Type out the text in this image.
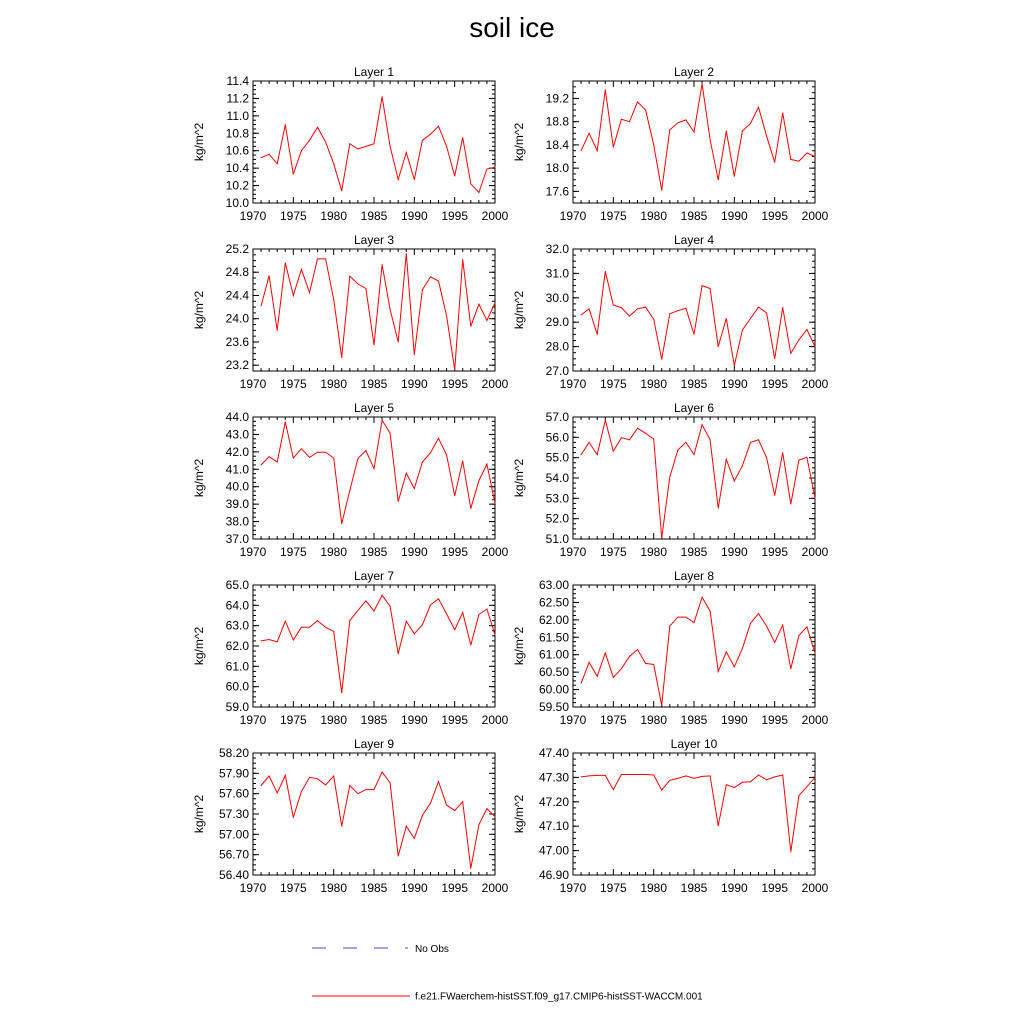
soil ice
Layer 1
kg/m^2
1970 1975 1980 1985 1990 1995 2000
10.0
10.2
10.4
10.6
10.8
11.0
11.2
11.4
Layer 2
kg/m^2
1970 1975 1980 1985 1990 1995 2000
17.6
18.0
18.4
18.8
19.2
Layer 3
kg/m^2
1970 1975 1980 1985 1990 1995 2000
23.2
23.6
24.0
24.4
24.8
25.2
Layer 4
kg/m^2
1970 1975 1980 1985 1990 1995 2000
27.0
28.0
29.0
30.0
31.0
32.0
Layer 5
kg/m^2
1970 1975 1980 1985 1990 1995 2000
37.0
38.0
39.0
40.0
41.0
42.0
43.0
44.0
Layer 6
kg/m^2
1970 1975 1980 1985 1990 1995 2000
51.0
52.0
53.0
54.0
55.0
56.0
57.0
Layer 7
kg/m^2
1970 1975 1980 1985 1990 1995 2000
59.0
60.0
61.0
62.0
63.0
64.0
65.0
Layer 8
kg/m^2
1970 1975 1980 1985 1990 1995 2000
59.50
60.00
60.50
61.00
61.50
62.00
62.50
63.00
Layer 9
kg/m^2
1970 1975 1980 1985 1990 1995 2000
56.40
56.70
57.00
57.30
57.60
57.90
58.20
Layer 10
kg/m^2
1970 1975 1980 1985 1990 1995 2000
46.90
47.00
47.10
47.20
47.30
47.40
No Obs
f.e21.FWaerchem-histSST.f09_g17.CMIP6-histSST-WACCM.001
